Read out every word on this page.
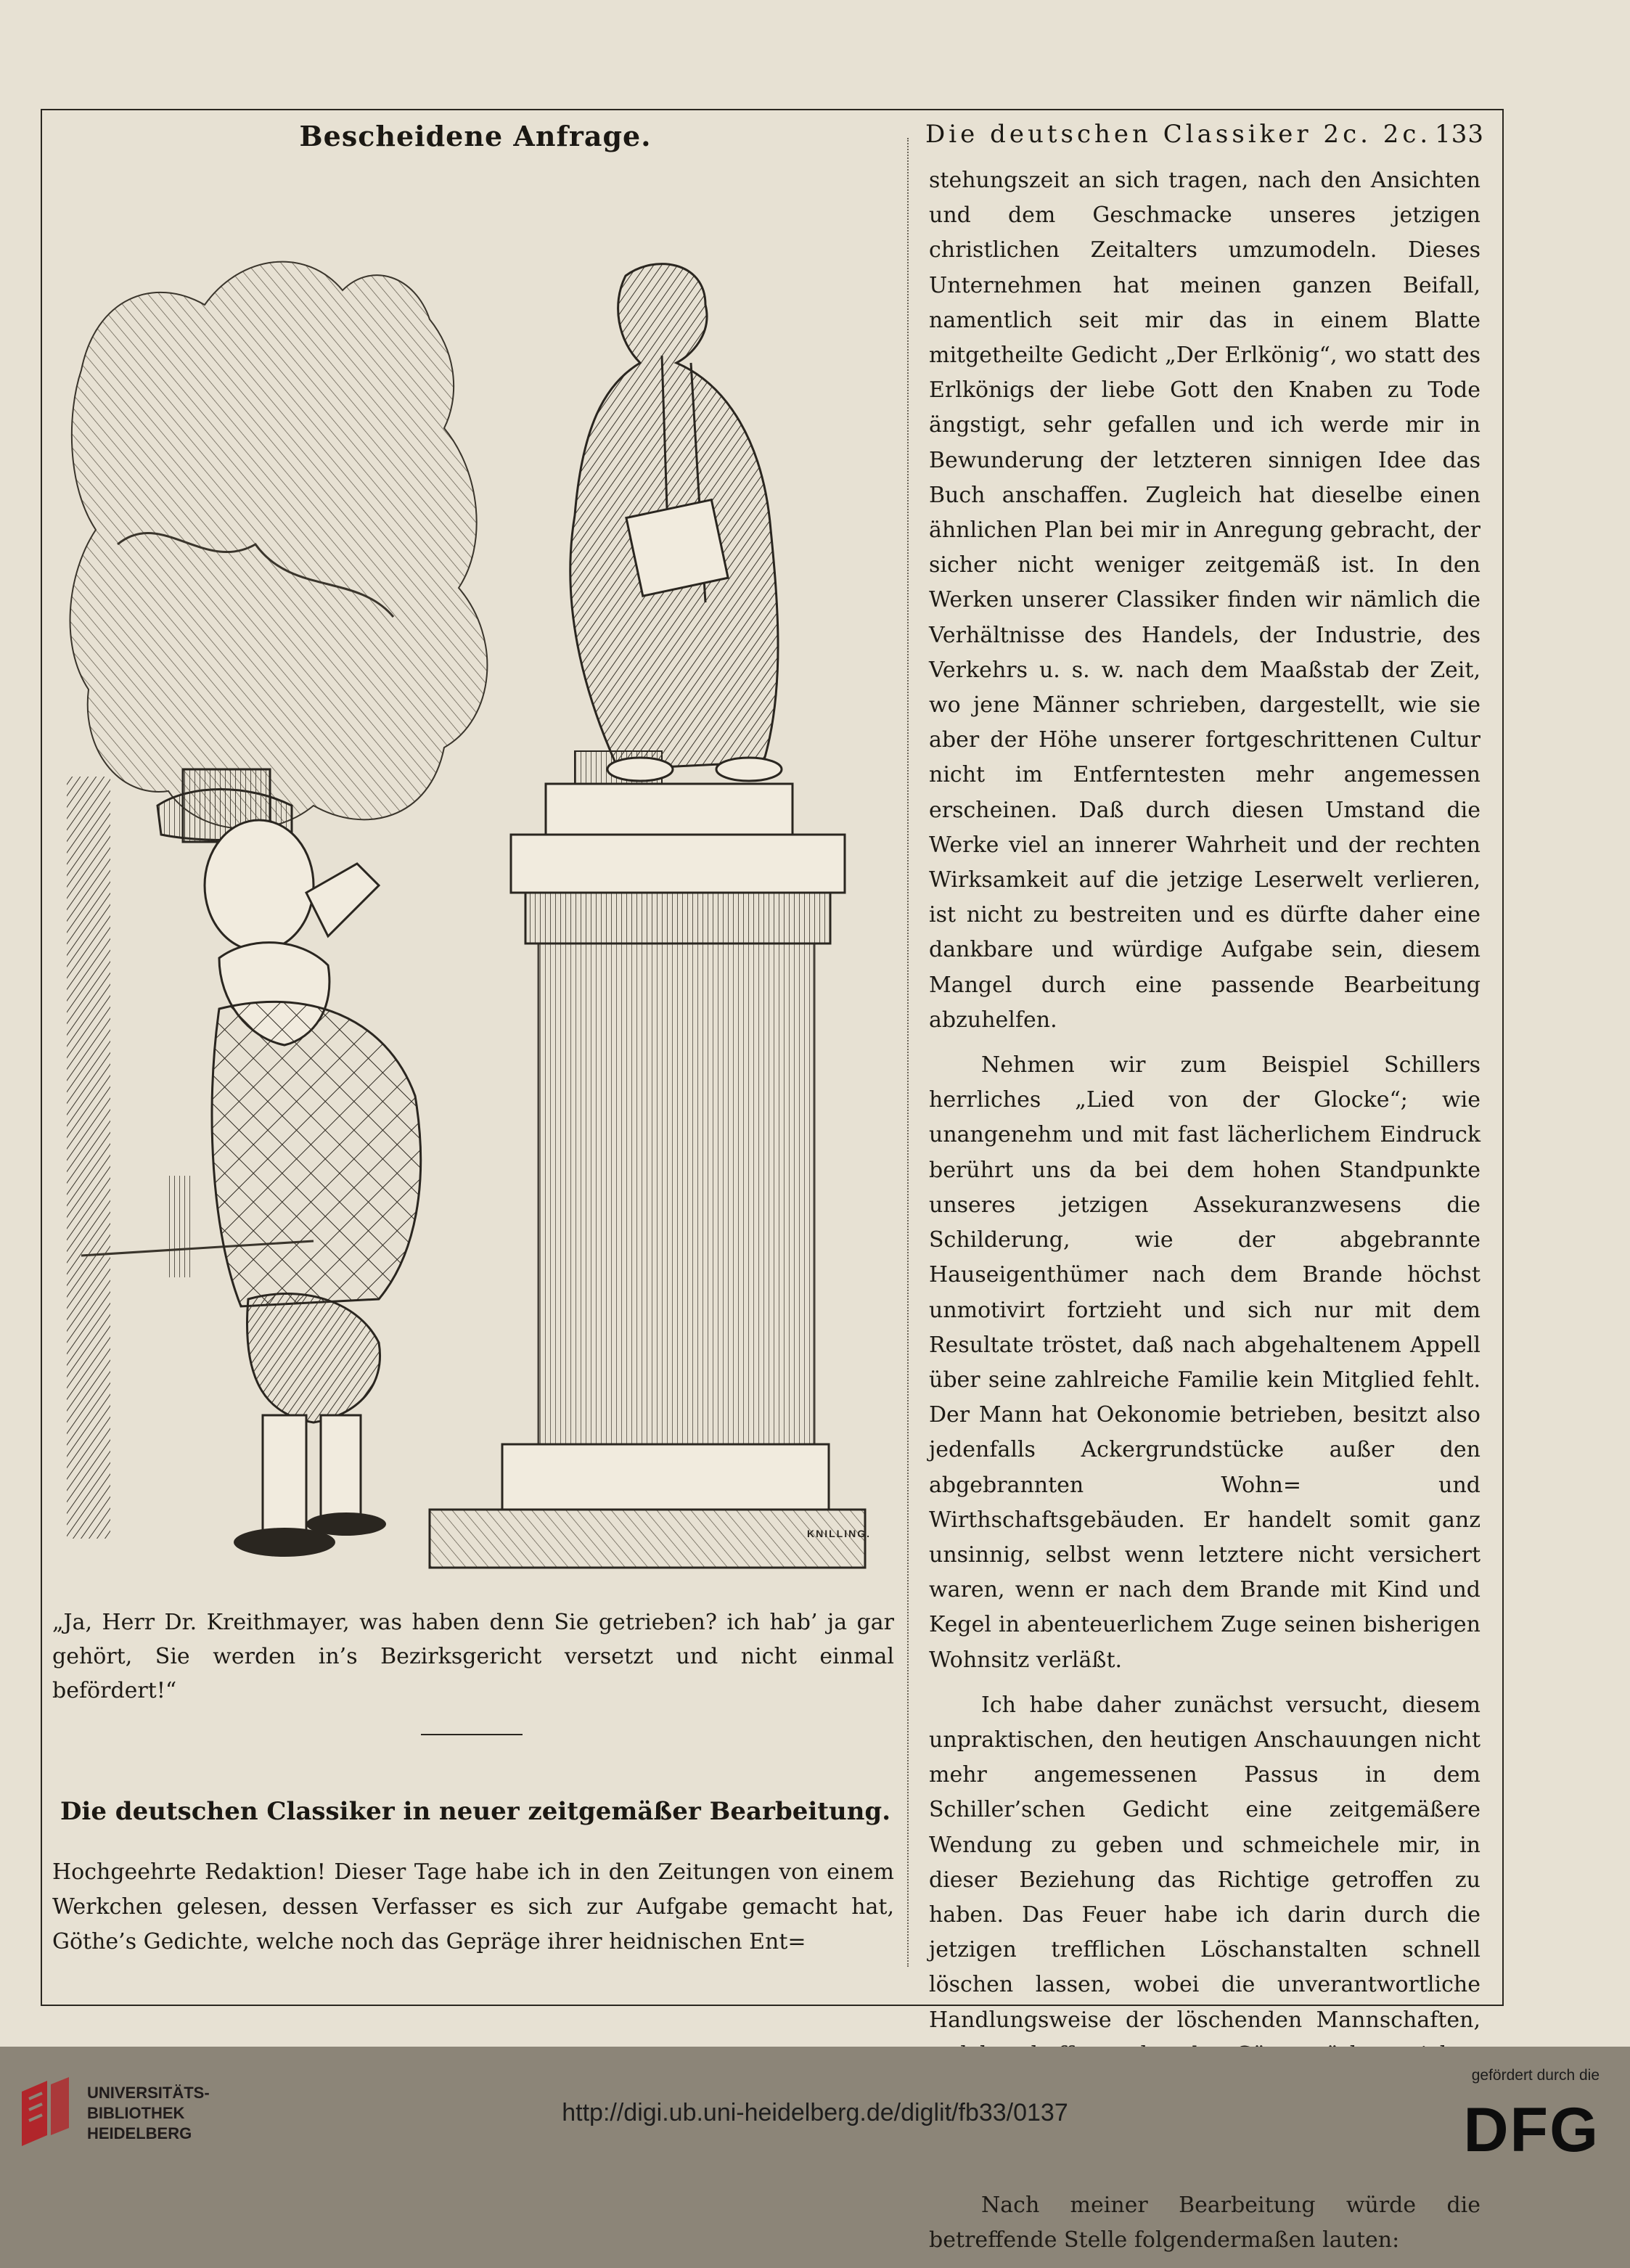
Bescheidene Anfrage.	Die deutschen Classiker 2c. 2c. 133
KNILLING.
„Ja, Herr Dr. Kreithmayer, was haben denn Sie getrieben? ich hab’ ja gar gehört, Sie werden in’s Bezirksgericht versetzt und nicht einmal befördert!“
Die deutschen Classiker in neuer zeitgemäßer Bearbeitung.
Hochgeehrte Redaktion! Dieser Tage habe ich in den Zeitungen von einem Werkchen gelesen, dessen Verfasser es sich zur Aufgabe gemacht hat, Göthe’s Gedichte, welche noch das Gepräge ihrer heidnischen Ent=

stehungszeit an sich tragen, nach den Ansichten und dem Geschmacke unseres jetzigen christlichen Zeitalters umzumodeln. Dieses Unternehmen hat meinen ganzen Beifall, namentlich seit mir das in einem Blatte mitgetheilte Gedicht „Der Erlkönig“, wo statt des Erlkönigs der liebe Gott den Knaben zu Tode ängstigt, sehr gefallen und ich werde mir in Bewunderung der letzteren sinnigen Idee das Buch anschaffen. Zugleich hat dieselbe einen ähnlichen Plan bei mir in Anregung gebracht, der sicher nicht weniger zeitgemäß ist. In den Werken unserer Classiker finden wir nämlich die Verhältnisse des Handels, der Industrie, des Verkehrs u. s. w. nach dem Maaßstab der Zeit, wo jene Männer schrieben, dargestellt, wie sie aber der Höhe unserer fortgeschrittenen Cultur nicht im Entferntesten mehr angemessen erscheinen. Daß durch diesen Umstand die Werke viel an innerer Wahrheit und der rechten Wirksamkeit auf die jetzige Leserwelt verlieren, ist nicht zu bestreiten und es dürfte daher eine dankbare und würdige Aufgabe sein, diesem Mangel durch eine passende Bearbeitung abzuhelfen.

Nehmen wir zum Beispiel Schillers herrliches „Lied von der Glocke“; wie unangenehm und mit fast lächerlichem Eindruck berührt uns da bei dem hohen Standpunkte unseres jetzigen Assekuranzwesens die Schilderung, wie der abgebrannte Hauseigenthümer nach dem Brande höchst unmotivirt fortzieht und sich nur mit dem Resultate tröstet, daß nach abgehaltenem Appell über seine zahlreiche Familie kein Mitglied fehlt. Der Mann hat Oekonomie betrieben, besitzt also jedenfalls Ackergrundstücke außer den abgebrannten Wohn= und Wirthschaftsgebäuden. Er handelt somit ganz unsinnig, selbst wenn letztere nicht versichert waren, wenn er nach dem Brande mit Kind und Kegel in abenteuerlichem Zuge seinen bisherigen Wohnsitz verläßt.

Ich habe daher zunächst versucht, diesem unpraktischen, den heutigen Anschauungen nicht mehr angemessenen Passus in dem Schiller’schen Gedicht eine zeitgemäßere Wendung zu geben und schmeichele mir, in dieser Beziehung das Richtige getroffen zu haben. Das Feuer habe ich darin durch die jetzigen trefflichen Löschanstalten schnell löschen lassen, wobei die unverantwortliche Handlungsweise der löschenden Mannschaften,

Nach meiner Bearbeitung würde die betreffende Stelle folgendermaßen lauten:

UNIVERSITÄTS-
BIBLIOTHEK
HEIDELBERG
http://digi.ub.uni-heidelberg.de/diglit/fb33/0137
gefördert durch die
DFG
